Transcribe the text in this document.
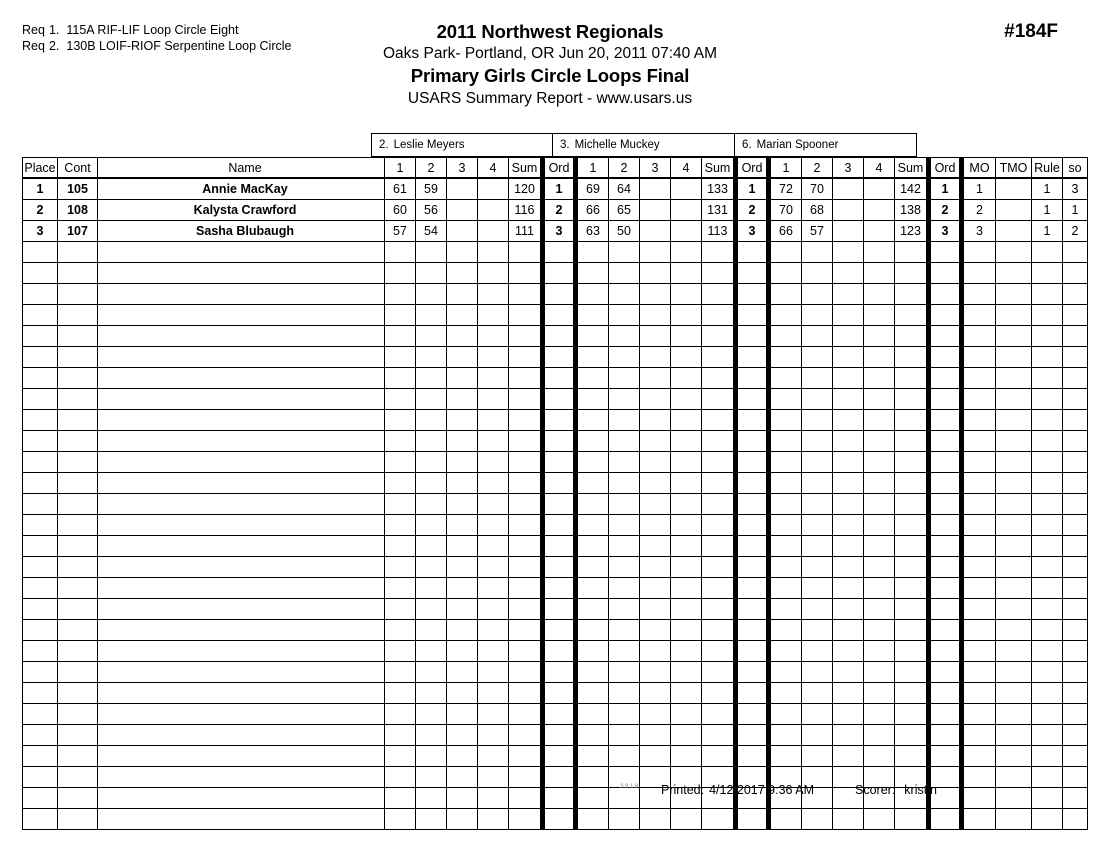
Req 1. 115A RIF-LIF Loop Circle Eight
Req 2. 130B LOIF-RIOF Serpentine Loop Circle
2011 Northwest Regionals
Oaks Park- Portland, OR Jun 20, 2011 07:40 AM
Primary Girls Circle Loops Final
USARS Summary Report - www.usars.us
#184F
2. Leslie Meyers	3. Michelle Muckey	6. Marian Spooner
Place	Cont	Name	1	2	3	4	Sum	Ord	1	2	3	4	Sum	Ord	1	2	3	4	Sum	Ord	MO	TMO	Rule	so
1	105	Annie MacKay	61	59			120	1	69	64			133	1	72	70			142	1	1		1	3
2	108	Kalysta Crawford	60	56			116	2	66	65			131	2	70	68			138	2	2		1	1
3	107	Sasha Blubaugh	57	54			111	3	63	50			113	3	66	57			123	3	3		1	2

3.8.1.8 Printed: 4/12/2017 9:36 AM	Scorer: kristin
